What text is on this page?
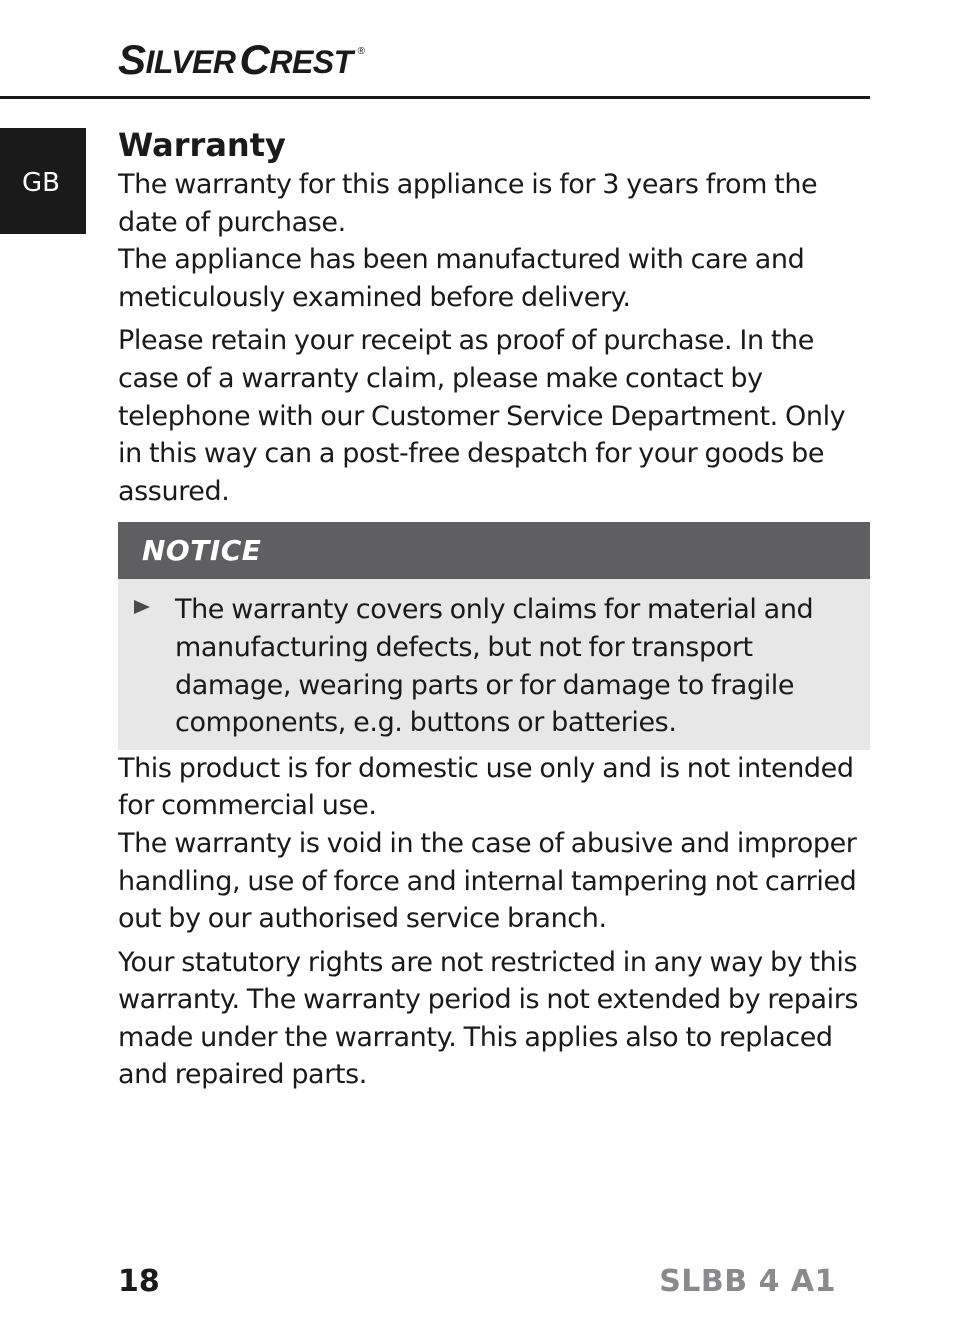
S ILVER C REST ®
GB
Warranty

The warranty for this appliance is for 3 years from the date of purchase.

The appliance has been manufactured with care and meticulously examined before delivery.

Please retain your receipt as proof of purchase. In the case of a warranty claim, please make contact by telephone with our Customer Service Department. Only in this way can a post-free despatch for your goods be assured.

NOTICE

The warranty covers only claims for material and manufacturing defects, but not for transport damage, wearing parts or for damage to fragile components, e.g. buttons or batteries.

This product is for domestic use only and is not intended for commercial use.

The warranty is void in the case of abusive and improper handling, use of force and internal tampering not carried out by our authorised service branch.

Your statutory rights are not restricted in any way by this warranty. The warranty period is not extended by repairs made under the warranty. This applies also to replaced and repaired parts.

18	SLBB 4 A1
